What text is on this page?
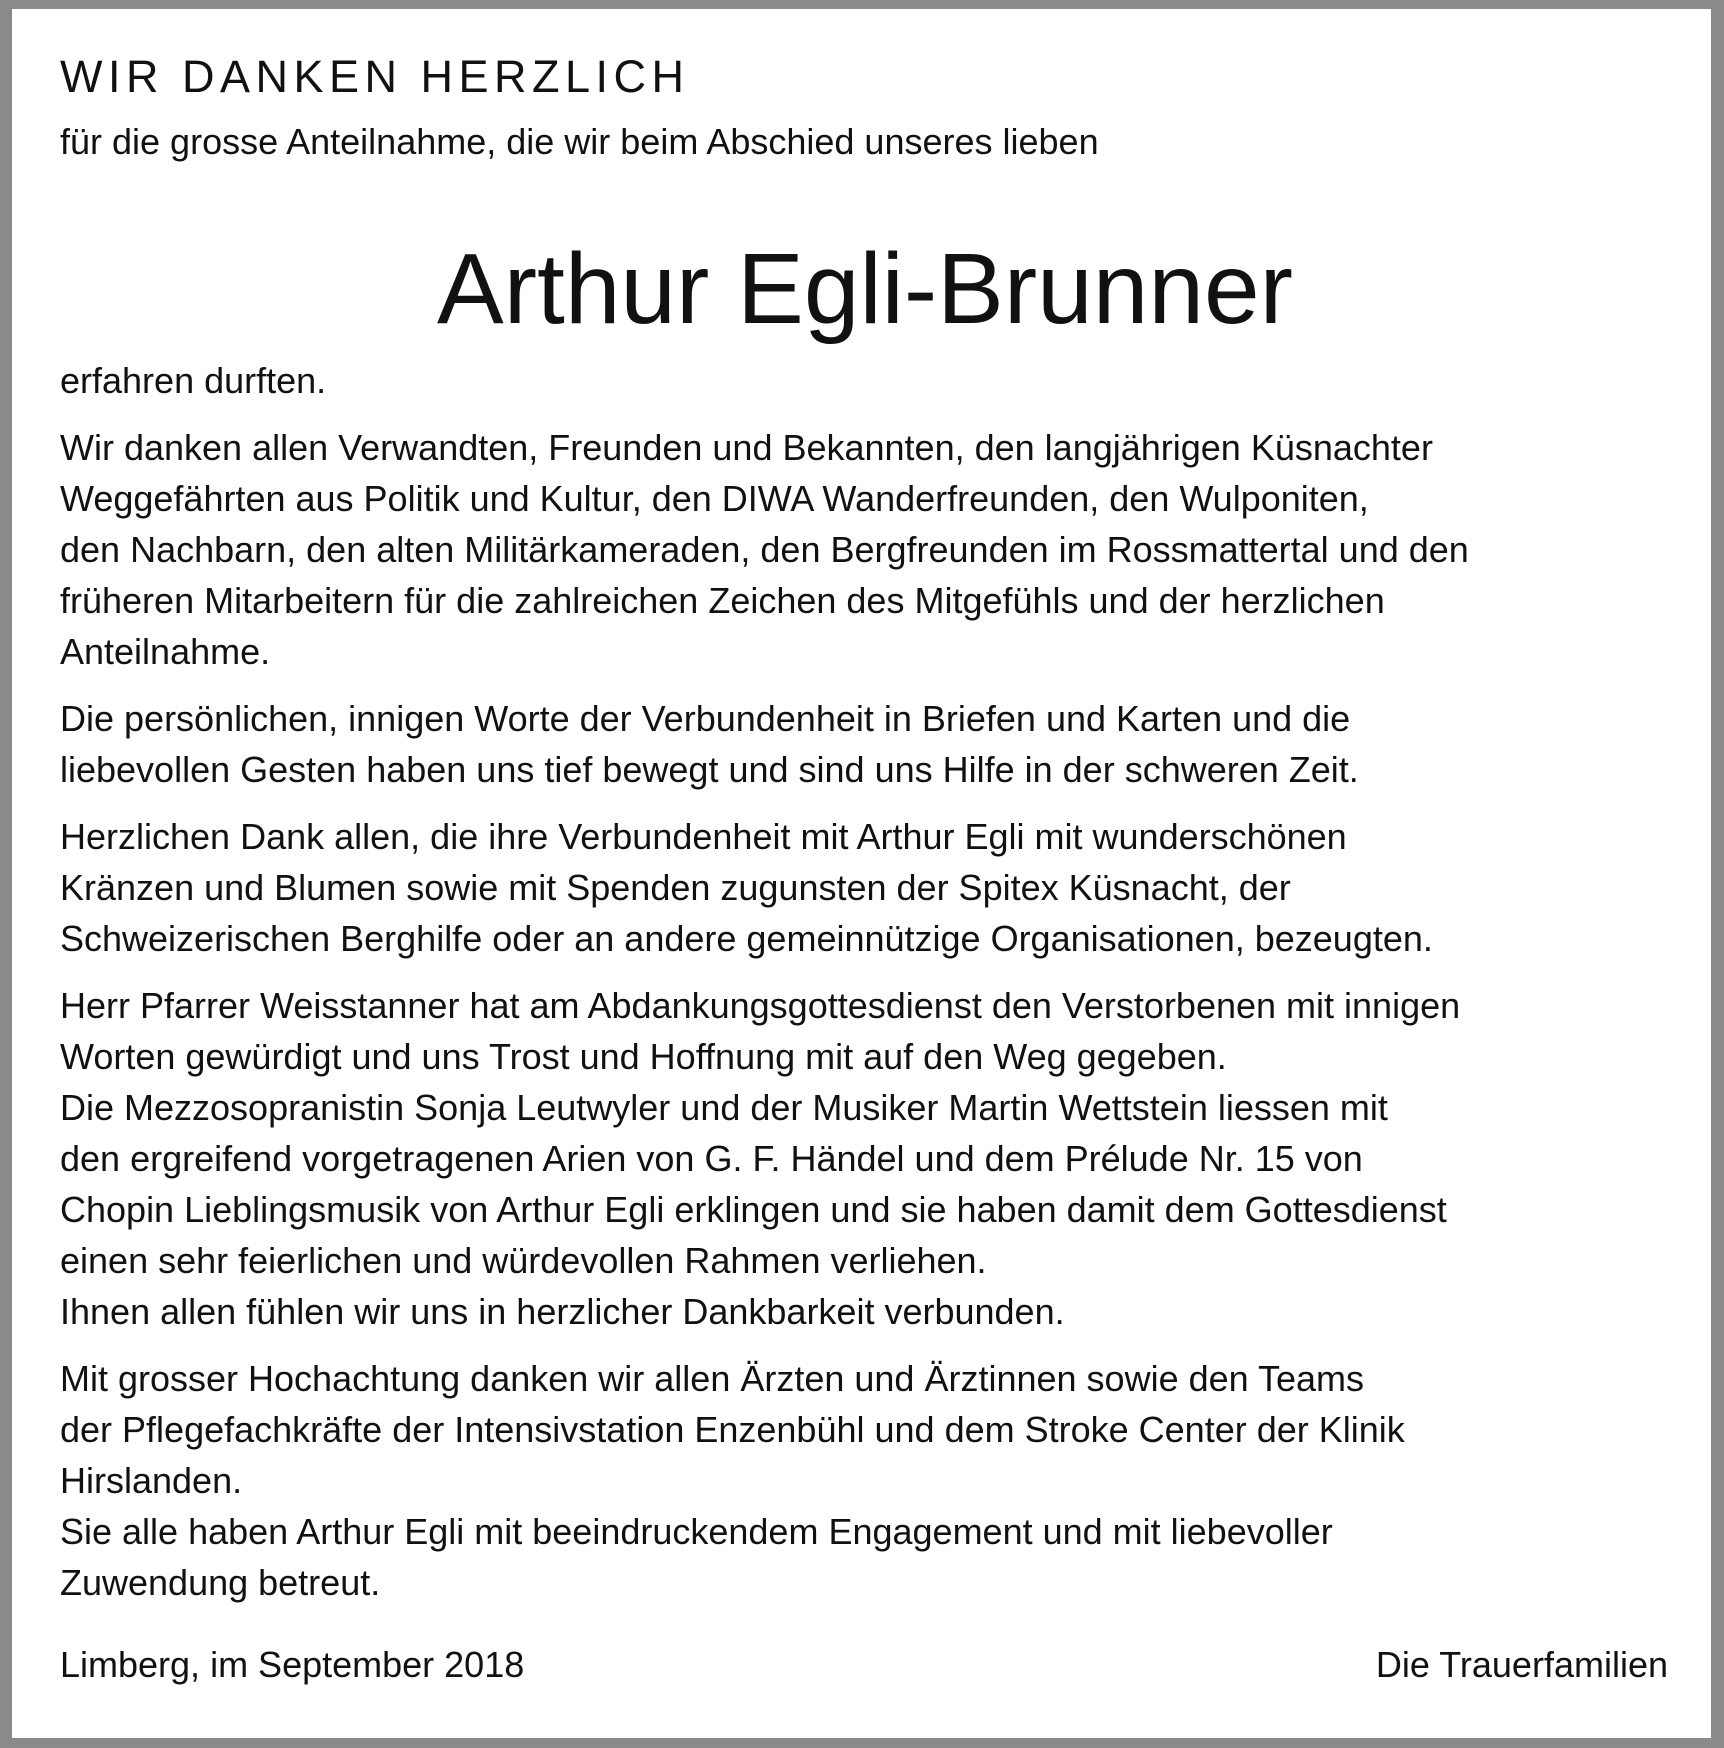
WIR DANKEN HERZLICH

für die grosse Anteilnahme, die wir beim Abschied unseres lieben

Arthur Egli-Brunner

erfahren durften.

Wir danken allen Verwandten, Freunden und Bekannten, den langjährigen Küsnachter
Weggefährten aus Politik und Kultur, den DIWA Wanderfreunden, den Wulponiten,
den Nachbarn, den alten Militärkameraden, den Bergfreunden im Rossmattertal und den
früheren Mitarbeitern für die zahlreichen Zeichen des Mitgefühls und der herzlichen
Anteilnahme.

Die persönlichen, innigen Worte der Verbundenheit in Briefen und Karten und die
liebevollen Gesten haben uns tief bewegt und sind uns Hilfe in der schweren Zeit.

Herzlichen Dank allen, die ihre Verbundenheit mit Arthur Egli mit wunderschönen
Kränzen und Blumen sowie mit Spenden zugunsten der Spitex Küsnacht, der
Schweizerischen Berghilfe oder an andere gemeinnützige Organisationen, bezeugten.

Herr Pfarrer Weisstanner hat am Abdankungsgottesdienst den Verstorbenen mit innigen
Worten gewürdigt und uns Trost und Hoffnung mit auf den Weg gegeben.
Die Mezzosopranistin Sonja Leutwyler und der Musiker Martin Wettstein liessen mit
den ergreifend vorgetragenen Arien von G. F. Händel und dem Prélude Nr. 15 von
Chopin Lieblingsmusik von Arthur Egli erklingen und sie haben damit dem Gottesdienst
einen sehr feierlichen und würdevollen Rahmen verliehen.
Ihnen allen fühlen wir uns in herzlicher Dankbarkeit verbunden.

Mit grosser Hochachtung danken wir allen Ärzten und Ärztinnen sowie den Teams
der Pflegefachkräfte der Intensivstation Enzenbühl und dem Stroke Center der Klinik
Hirslanden.
Sie alle haben Arthur Egli mit beeindruckendem Engagement und mit liebevoller
Zuwendung betreut.

Limberg, im September 2018	Die Trauerfamilien
